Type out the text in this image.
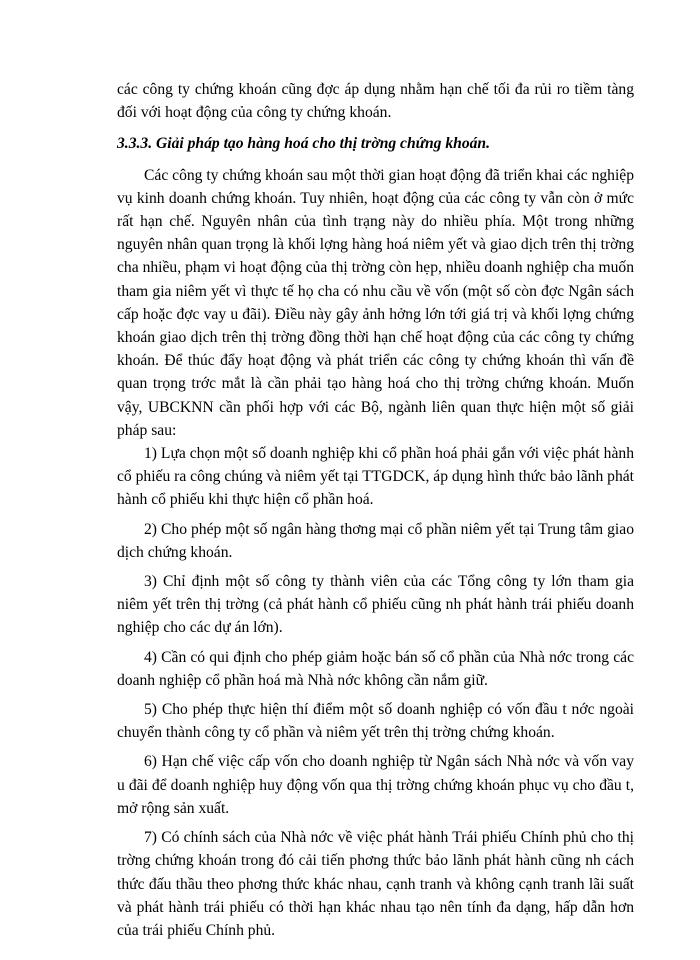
các công ty chứng khoán cũng đợc áp dụng nhằm hạn chế tối đa rủi ro tiềm tàng đối với hoạt động của công ty chứng khoán.

3.3.3. Giải pháp tạo hàng hoá cho thị trờng chứng khoán.

Các công ty chứng khoán sau một thời gian hoạt động đã triển khai các nghiệp vụ kinh doanh chứng khoán. Tuy nhiên, hoạt động của các công ty vẫn còn ở mức rất hạn chế. Nguyên nhân của tình trạng này do nhiều phía. Một trong những nguyên nhân quan trọng là khối lợng hàng hoá niêm yết và giao dịch trên thị trờng cha nhiều, phạm vi hoạt động của thị trờng còn hẹp, nhiều doanh nghiệp cha muốn tham gia niêm yết vì thực tế họ cha có nhu cầu về vốn (một số còn đợc Ngân sách cấp hoặc đợc vay u đãi). Điều này gây ảnh hởng lớn tới giá trị và khối lợng chứng khoán giao dịch trên thị trờng đồng thời hạn chế hoạt động của các công ty chứng khoán. Để thúc đẩy hoạt động và phát triển các công ty chứng khoán thì vấn đề quan trọng trớc mắt là cần phải tạo hàng hoá cho thị trờng chứng khoán. Muốn vậy, UBCKNN cần phối hợp với các Bộ, ngành liên quan thực hiện một số giải pháp sau:

1) Lựa chọn một số doanh nghiệp khi cổ phần hoá phải gắn với việc phát hành cổ phiếu ra công chúng và niêm yết tại TTGDCK, áp dụng hình thức bảo lãnh phát hành cổ phiếu khi thực hiện cổ phần hoá.

2) Cho phép một số ngân hàng thơng mại cổ phần niêm yết tại Trung tâm giao dịch chứng khoán.

3) Chỉ định một số công ty thành viên của các Tổng công ty lớn tham gia niêm yết trên thị trờng (cả phát hành cổ phiếu cũng nh phát hành trái phiếu doanh nghiệp cho các dự án lớn).

4) Cần có qui định cho phép giảm hoặc bán số cổ phần của Nhà nớc trong các doanh nghiệp cổ phần hoá mà Nhà nớc không cần nắm giữ.

5) Cho phép thực hiện thí điểm một số doanh nghiệp có vốn đầu t nớc ngoài chuyển thành công ty cổ phần và niêm yết trên thị trờng chứng khoán.

6) Hạn chế việc cấp vốn cho doanh nghiệp từ Ngân sách Nhà nớc và vốn vay u đãi để doanh nghiệp huy động vốn qua thị trờng chứng khoán phục vụ cho đầu t, mở rộng sản xuất.

7) Có chính sách của Nhà nớc về việc phát hành Trái phiếu Chính phủ cho thị trờng chứng khoán trong đó cải tiến phơng thức bảo lãnh phát hành cũng nh cách thức đấu thầu theo phơng thức khác nhau, cạnh tranh và không cạnh tranh lãi suất và phát hành trái phiếu có thời hạn khác nhau tạo nên tính đa dạng, hấp dẫn hơn của trái phiếu Chính phủ.
